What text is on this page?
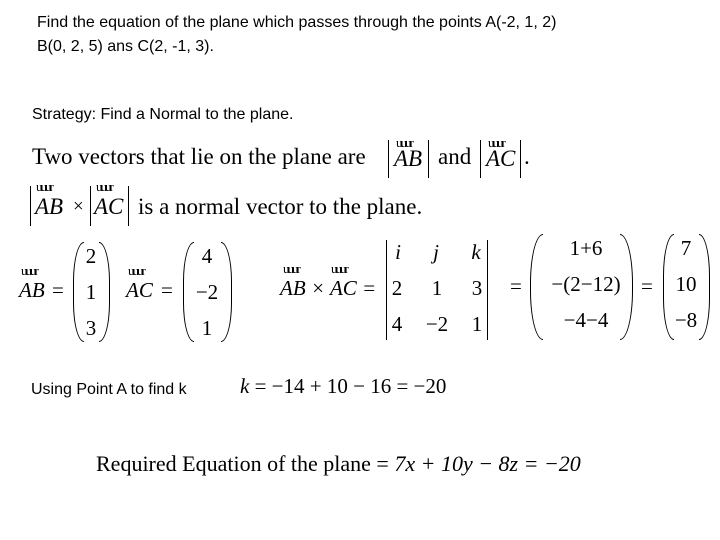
Find the equation of the plane which passes through the points A(-2, 1, 2)
B(0, 2, 5) ans C(2, -1, 3).
Strategy: Find a Normal to the plane.
Two vectors that lie on the plane are
uuur
AB and
uuur
AC .
uuur
AB ×
uuur
AC is a normal vector to the plane.
uuur
AB =
2
1
3
uuur
AC =
4
−2
1
uuur uuur
AB × AC =
i j k
2 1 3
4 −2 1
=
1+6
−(2−12)
−4−4
=
7
10
−8
Using Point A to find k	k = −14 + 10 − 16 = −20
Required Equation of the plane = 7x + 10y − 8z = −20
